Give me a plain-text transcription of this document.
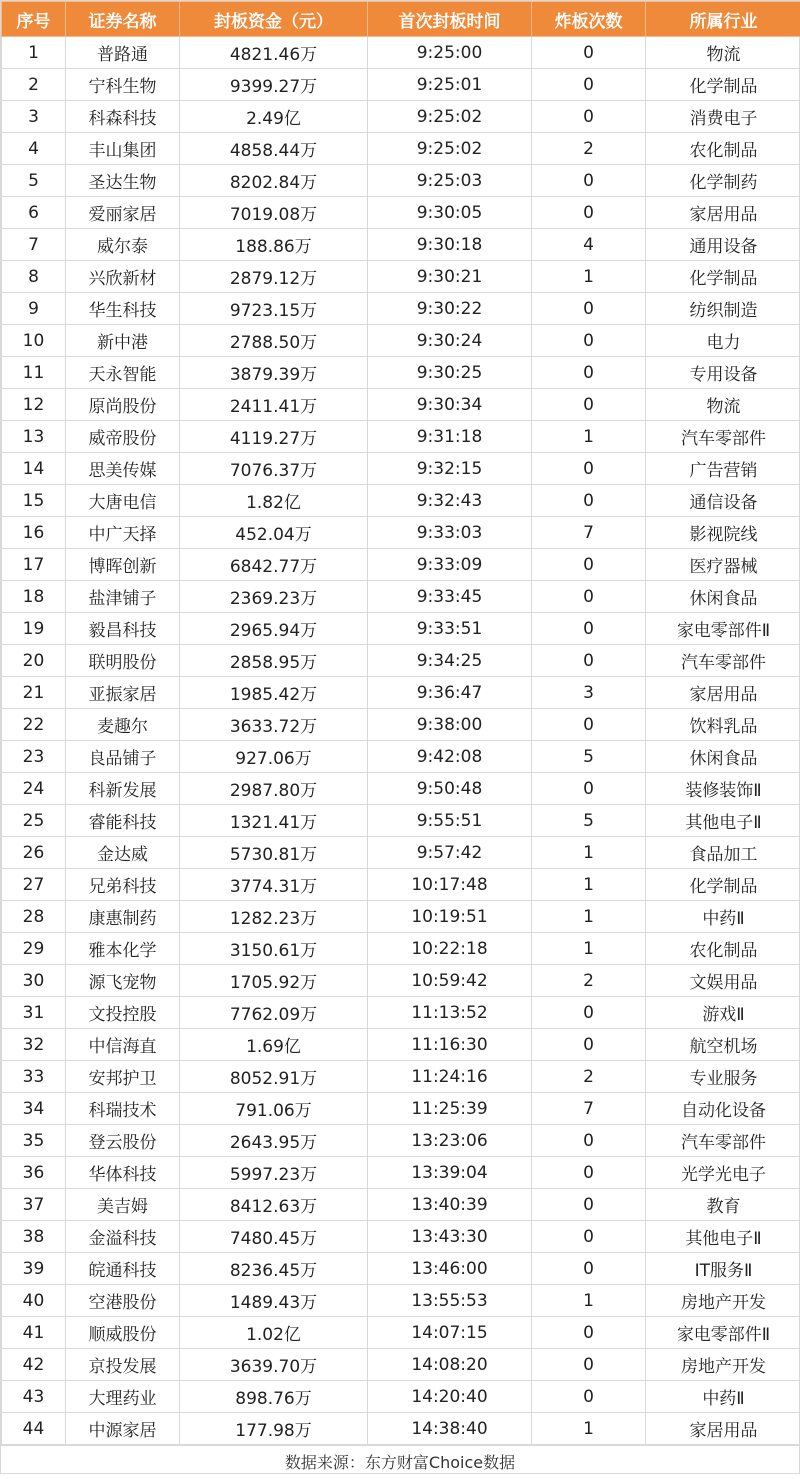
序号	证券名称	封板资金（元）	首次封板时间	炸板次数	所属行业
1	普路通	4821.46万	9:25:00	0	物流
2	宁科生物	9399.27万	9:25:01	0	化学制品
3	科森科技	2.49亿	9:25:02	0	消费电子
4	丰山集团	4858.44万	9:25:02	2	农化制品
5	圣达生物	8202.84万	9:25:03	0	化学制药
6	爱丽家居	7019.08万	9:30:05	0	家居用品
7	威尔泰	188.86万	9:30:18	4	通用设备
8	兴欣新材	2879.12万	9:30:21	1	化学制品
9	华生科技	9723.15万	9:30:22	0	纺织制造
10	新中港	2788.50万	9:30:24	0	电力
11	天永智能	3879.39万	9:30:25	0	专用设备
12	原尚股份	2411.41万	9:30:34	0	物流
13	威帝股份	4119.27万	9:31:18	1	汽车零部件
14	思美传媒	7076.37万	9:32:15	0	广告营销
15	大唐电信	1.82亿	9:32:43	0	通信设备
16	中广天择	452.04万	9:33:03	7	影视院线
17	博晖创新	6842.77万	9:33:09	0	医疗器械
18	盐津铺子	2369.23万	9:33:45	0	休闲食品
19	毅昌科技	2965.94万	9:33:51	0	家电零部件Ⅱ
20	联明股份	2858.95万	9:34:25	0	汽车零部件
21	亚振家居	1985.42万	9:36:47	3	家居用品
22	麦趣尔	3633.72万	9:38:00	0	饮料乳品
23	良品铺子	927.06万	9:42:08	5	休闲食品
24	科新发展	2987.80万	9:50:48	0	装修装饰Ⅱ
25	睿能科技	1321.41万	9:55:51	5	其他电子Ⅱ
26	金达威	5730.81万	9:57:42	1	食品加工
27	兄弟科技	3774.31万	10:17:48	1	化学制品
28	康惠制药	1282.23万	10:19:51	1	中药Ⅱ
29	雅本化学	3150.61万	10:22:18	1	农化制品
30	源飞宠物	1705.92万	10:59:42	2	文娱用品
31	文投控股	7762.09万	11:13:52	0	游戏Ⅱ
32	中信海直	1.69亿	11:16:30	0	航空机场
33	安邦护卫	8052.91万	11:24:16	2	专业服务
34	科瑞技术	791.06万	11:25:39	7	自动化设备
35	登云股份	2643.95万	13:23:06	0	汽车零部件
36	华体科技	5997.23万	13:39:04	0	光学光电子
37	美吉姆	8412.63万	13:40:39	0	教育
38	金溢科技	7480.45万	13:43:30	0	其他电子Ⅱ
39	皖通科技	8236.45万	13:46:00	0	IT服务Ⅱ
40	空港股份	1489.43万	13:55:53	1	房地产开发
41	顺威股份	1.02亿	14:07:15	0	家电零部件Ⅱ
42	京投发展	3639.70万	14:08:20	0	房地产开发
43	大理药业	898.76万	14:20:40	0	中药Ⅱ
44	中源家居	177.98万	14:38:40	1	家居用品
数据来源：东方财富Choice数据
